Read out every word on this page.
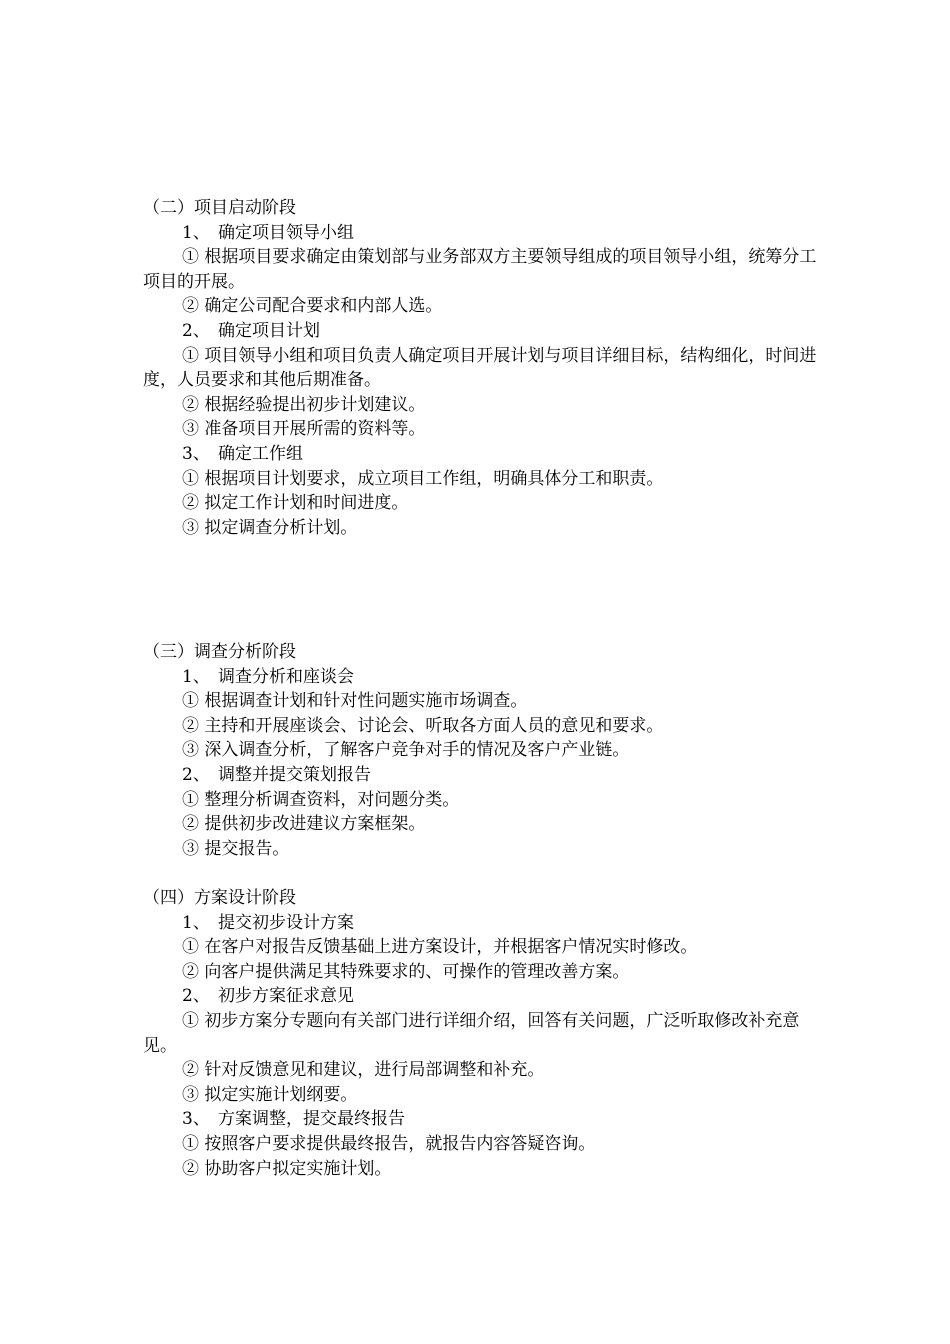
（二）项目启动阶段
1、 确定项目领导小组
① 根据项目要求确定由策划部与业务部双方主要领导组成的项目领导小组，统筹分工项目的开展。
② 确定公司配合要求和内部人选。
2、 确定项目计划
① 项目领导小组和项目负责人确定项目开展计划与项目详细目标，结构细化，时间进度，人员要求和其他后期准备。
② 根据经验提出初步计划建议。
③ 准备项目开展所需的资料等。
3、 确定工作组
① 根据项目计划要求，成立项目工作组，明确具体分工和职责。
② 拟定工作计划和时间进度。
③ 拟定调查分析计划。
（三）调查分析阶段
1、 调查分析和座谈会
① 根据调查计划和针对性问题实施市场调查。
② 主持和开展座谈会、讨论会、听取各方面人员的意见和要求。
③ 深入调查分析，了解客户竞争对手的情况及客户产业链。
2、 调整并提交策划报告
① 整理分析调查资料，对问题分类。
② 提供初步改进建议方案框架。
③ 提交报告。
（四）方案设计阶段
1、 提交初步设计方案
① 在客户对报告反馈基础上进方案设计，并根据客户情况实时修改。
② 向客户提供满足其特殊要求的、可操作的管理改善方案。
2、 初步方案征求意见
① 初步方案分专题向有关部门进行详细介绍，回答有关问题，广泛听取修改补充意见。
② 针对反馈意见和建议，进行局部调整和补充。
③ 拟定实施计划纲要。
3、 方案调整，提交最终报告
① 按照客户要求提供最终报告，就报告内容答疑咨询。
② 协助客户拟定实施计划。
